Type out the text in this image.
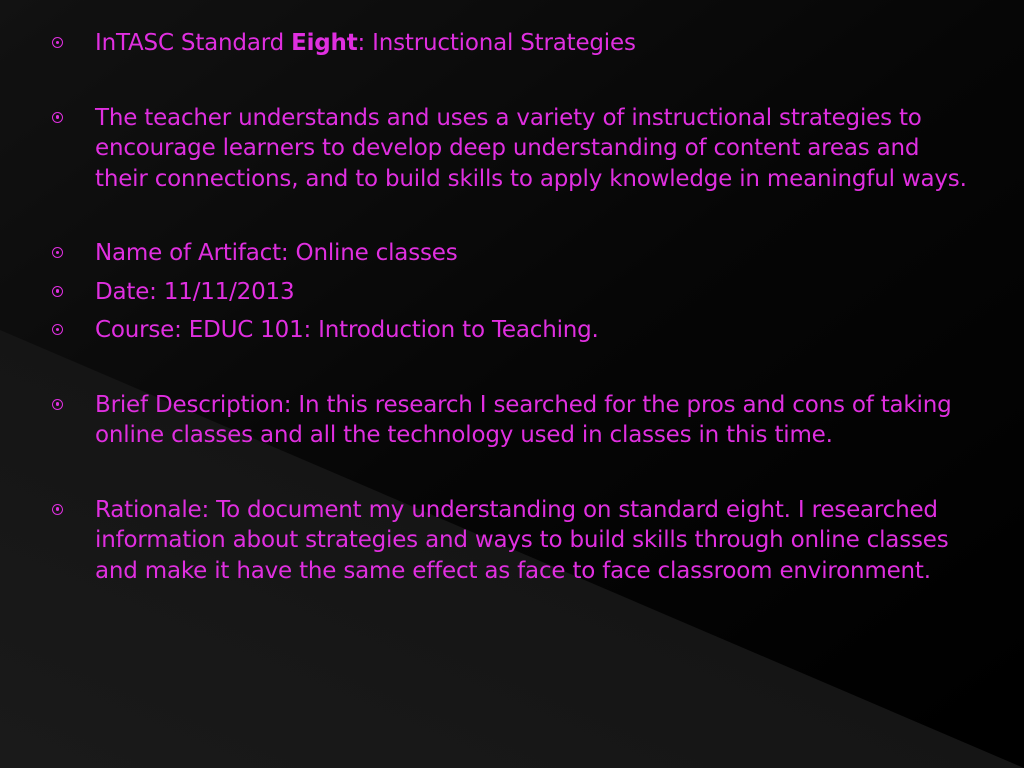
InTASC Standard Eight: Instructional Strategies
The teacher understands and uses a variety of instructional strategies to encourage learners to develop deep understanding of content areas and their connections, and to build skills to apply knowledge in meaningful ways.
Name of Artifact: Online classes
Date: 11/11/2013
Course: EDUC 101: Introduction to Teaching.
Brief Description: In this research I searched for the pros and cons of taking online classes and all the technology used in classes in this time.
Rationale: To document my understanding on standard eight. I researched information about strategies and ways to build skills through online classes and make it have the same effect as face to face classroom environment.
